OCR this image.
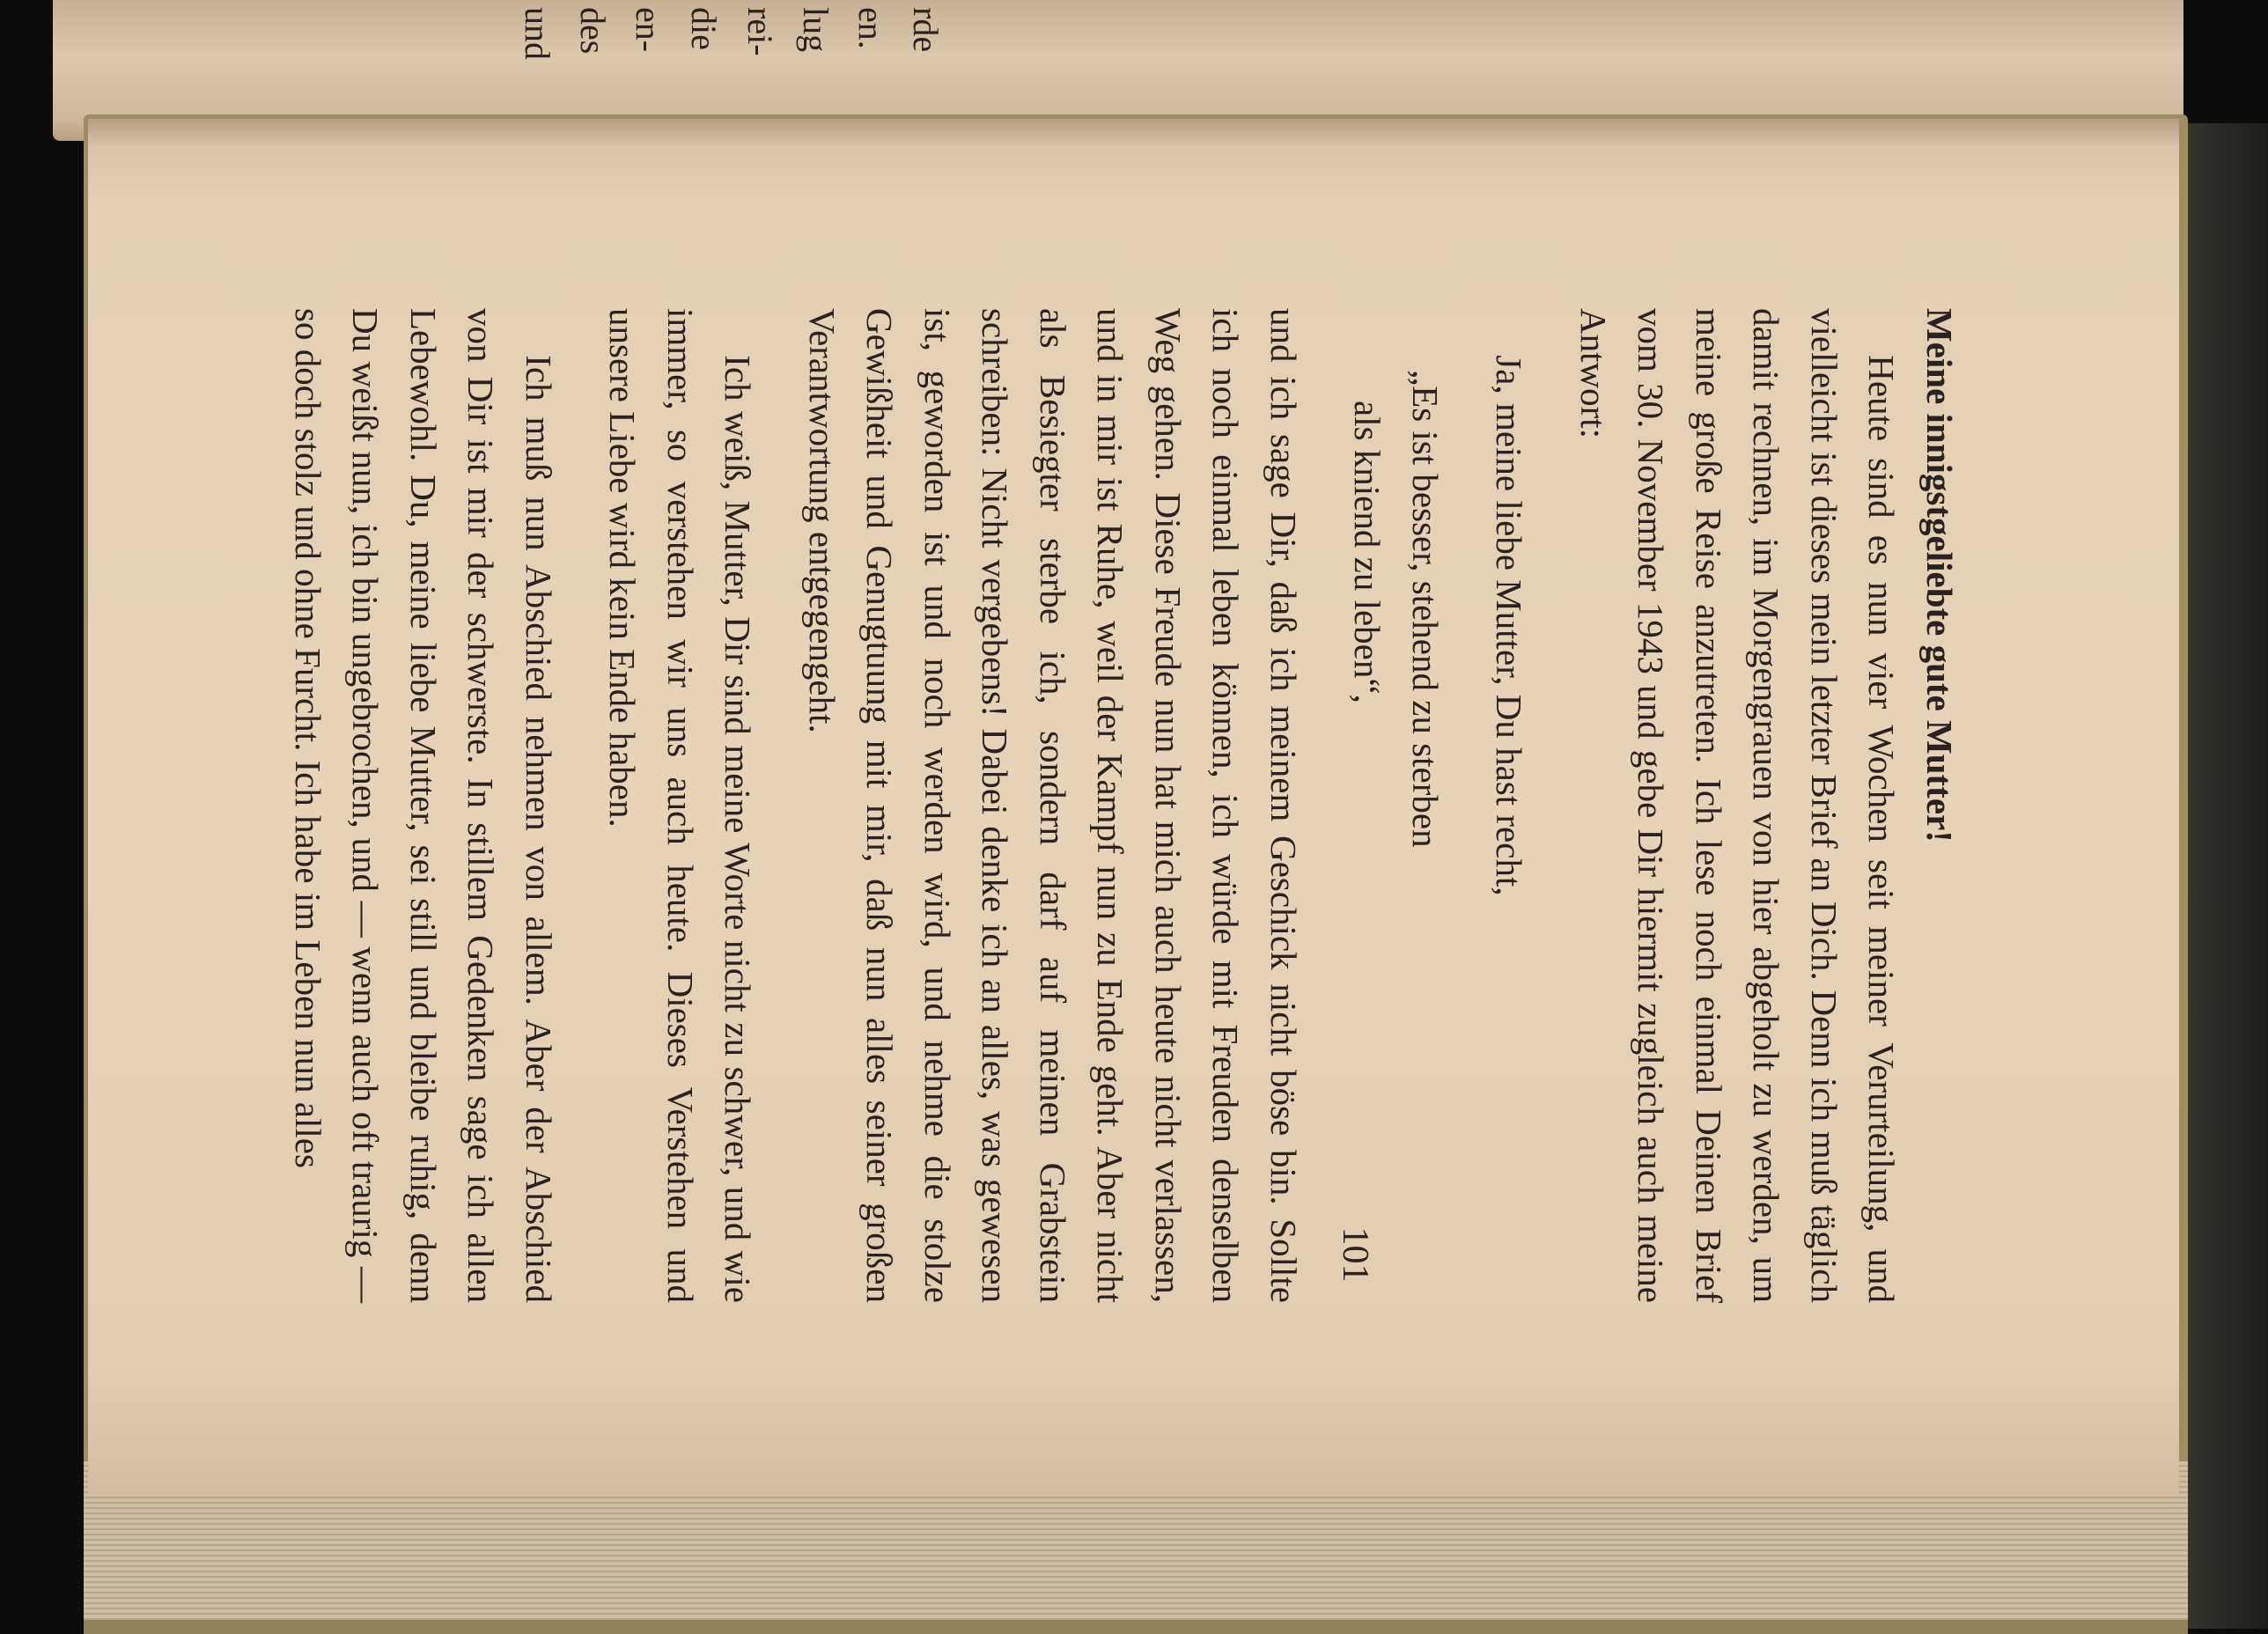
rde
en.
lug
rei-
die
en-
des
und

Meine innigstgeliebte gute Mutter!

Heute sind es nun vier Wochen seit meiner Verurteilung, und vielleicht ist dieses mein letzter Brief an Dich. Denn ich muß täglich damit rechnen, im Morgengrauen von hier abgeholt zu werden, um meine große Reise anzutreten. Ich lese noch einmal Deinen Brief vom 30. November 1943 und gebe Dir hiermit zugleich auch meine Antwort:

Ja, meine liebe Mutter, Du hast recht,

„Es ist besser, stehend zu sterben
als kniend zu leben“,

und ich sage Dir, daß ich meinem Geschick nicht böse bin. Sollte ich noch einmal leben können, ich würde mit Freuden denselben Weg gehen. Diese Freude nun hat mich auch heute nicht verlassen, und in mir ist Ruhe, weil der Kampf nun zu Ende geht. Aber nicht als Besiegter sterbe ich, sondern darf auf meinen Grabstein schreiben: Nicht vergebens! Dabei denke ich an alles, was gewesen ist, geworden ist und noch werden wird, und nehme die stolze Gewißheit und Genugtuung mit mir, daß nun alles seiner großen Verantwortung entgegengeht.

Ich weiß, Mutter, Dir sind meine Worte nicht zu schwer, und wie immer, so verstehen wir uns auch heute. Dieses Verstehen und unsere Liebe wird kein Ende haben.

Ich muß nun Abschied nehmen von allem. Aber der Abschied von Dir ist mir der schwerste. In stillem Gedenken sage ich allen Lebewohl. Du, meine liebe Mutter, sei still und bleibe ruhig, denn Du weißt nun, ich bin ungebrochen, und — wenn auch oft traurig — so doch stolz und ohne Furcht. Ich habe im Leben nun alles

101
